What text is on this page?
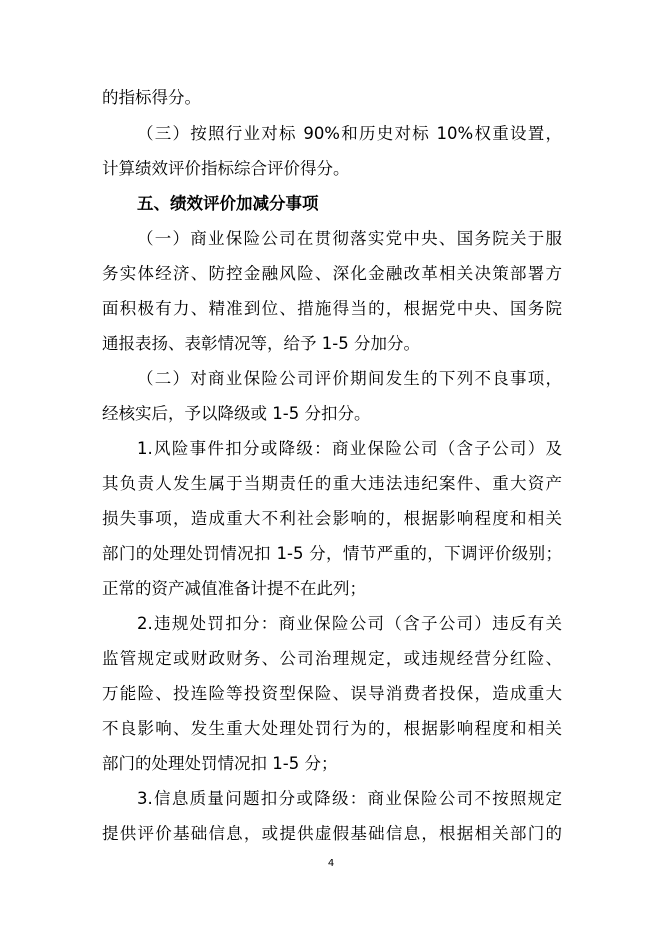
的指标得分。
（三）按照行业对标 90%和历史对标 10%权重设置，
计算绩效评价指标综合评价得分。
五、绩效评价加减分事项
（一）商业保险公司在贯彻落实党中央、国务院关于服
务实体经济、防控金融风险、深化金融改革相关决策部署方
面积极有力、精准到位、措施得当的，根据党中央、国务院
通报表扬、表彰情况等，给予 1-5 分加分。
（二）对商业保险公司评价期间发生的下列不良事项，
经核实后，予以降级或 1-5 分扣分。
1.风险事件扣分或降级：商业保险公司（含子公司）及
其负责人发生属于当期责任的重大违法违纪案件、重大资产
损失事项，造成重大不利社会影响的，根据影响程度和相关
部门的处理处罚情况扣 1-5 分，情节严重的，下调评价级别；
正常的资产减值准备计提不在此列；
2.违规处罚扣分：商业保险公司（含子公司）违反有关
监管规定或财政财务、公司治理规定，或违规经营分红险、
万能险、投连险等投资型保险、误导消费者投保，造成重大
不良影响、发生重大处理处罚行为的，根据影响程度和相关
部门的处理处罚情况扣 1-5 分；
3.信息质量问题扣分或降级：商业保险公司不按照规定
提供评价基础信息，或提供虚假基础信息，根据相关部门的
4
